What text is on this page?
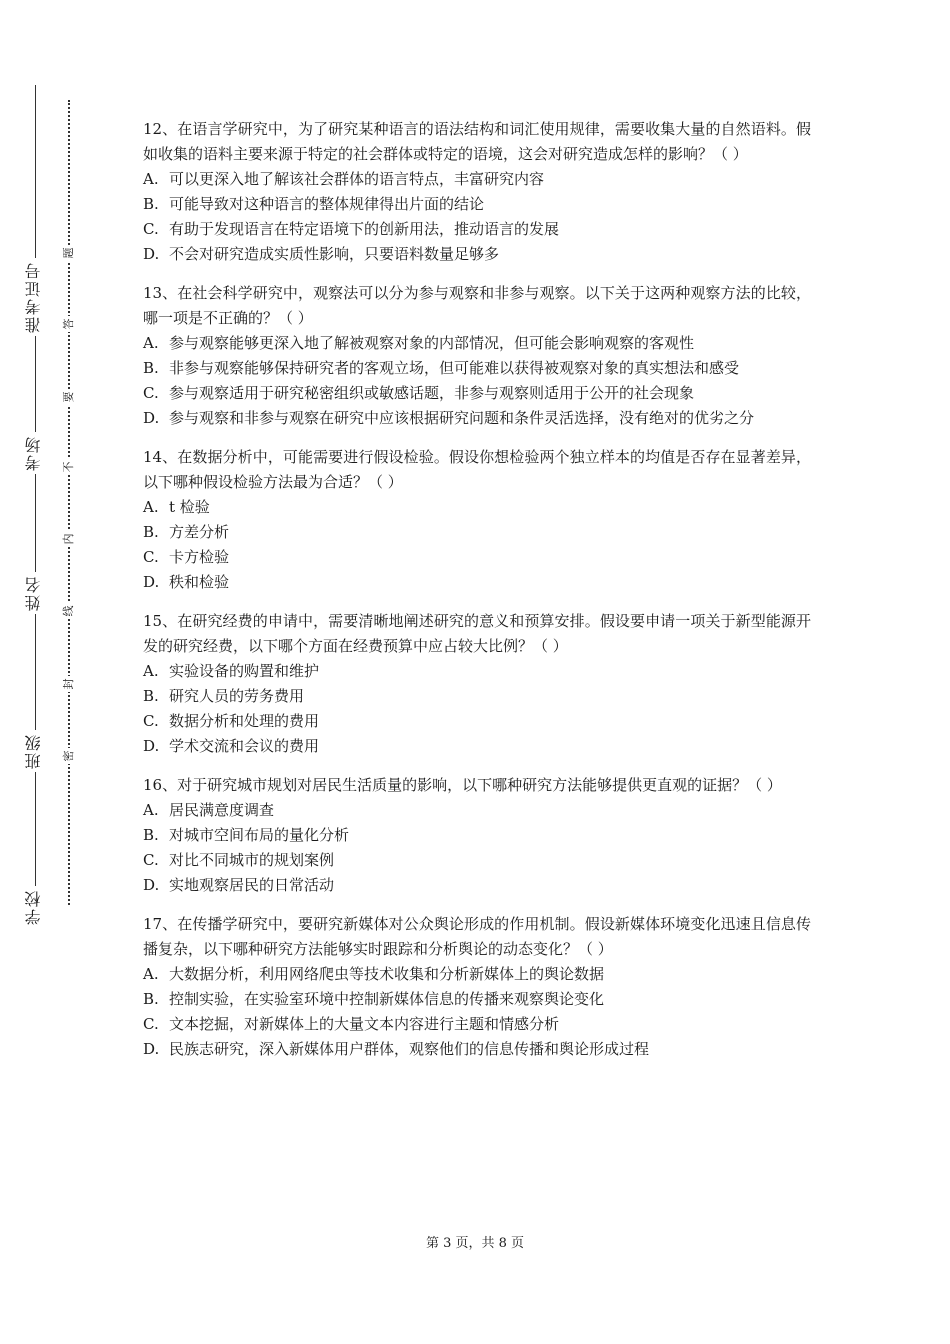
准考证号
考场
姓名
班级
学校
题
答
要
不
内
线
封
密

12、在语言学研究中，为了研究某种语言的语法结构和词汇使用规律，需要收集大量的自然语料。假如收集的语料主要来源于特定的社会群体或特定的语境，这会对研究造成怎样的影响？（ ）

A. 可以更深入地了解该社会群体的语言特点，丰富研究内容

B. 可能导致对这种语言的整体规律得出片面的结论

C. 有助于发现语言在特定语境下的创新用法，推动语言的发展

D. 不会对研究造成实质性影响，只要语料数量足够多

13、在社会科学研究中，观察法可以分为参与观察和非参与观察。以下关于这两种观察方法的比较，哪一项是不正确的？（ ）

A. 参与观察能够更深入地了解被观察对象的内部情况，但可能会影响观察的客观性

B. 非参与观察能够保持研究者的客观立场，但可能难以获得被观察对象的真实想法和感受

C. 参与观察适用于研究秘密组织或敏感话题，非参与观察则适用于公开的社会现象

D. 参与观察和非参与观察在研究中应该根据研究问题和条件灵活选择，没有绝对的优劣之分

14、在数据分析中，可能需要进行假设检验。假设你想检验两个独立样本的均值是否存在显著差异，以下哪种假设检验方法最为合适？（ ）

A. t 检验

B. 方差分析

C. 卡方检验

D. 秩和检验

15、在研究经费的申请中，需要清晰地阐述研究的意义和预算安排。假设要申请一项关于新型能源开发的研究经费，以下哪个方面在经费预算中应占较大比例？（ ）

A. 实验设备的购置和维护

B. 研究人员的劳务费用

C. 数据分析和处理的费用

D. 学术交流和会议的费用

16、对于研究城市规划对居民生活质量的影响，以下哪种研究方法能够提供更直观的证据？（ ）

A. 居民满意度调查

B. 对城市空间布局的量化分析

C. 对比不同城市的规划案例

D. 实地观察居民的日常活动

17、在传播学研究中，要研究新媒体对公众舆论形成的作用机制。假设新媒体环境变化迅速且信息传播复杂，以下哪种研究方法能够实时跟踪和分析舆论的动态变化？（ ）

A. 大数据分析，利用网络爬虫等技术收集和分析新媒体上的舆论数据

B. 控制实验，在实验室环境中控制新媒体信息的传播来观察舆论变化

C. 文本挖掘，对新媒体上的大量文本内容进行主题和情感分析

D. 民族志研究，深入新媒体用户群体，观察他们的信息传播和舆论形成过程

第 3 页，共 8 页
